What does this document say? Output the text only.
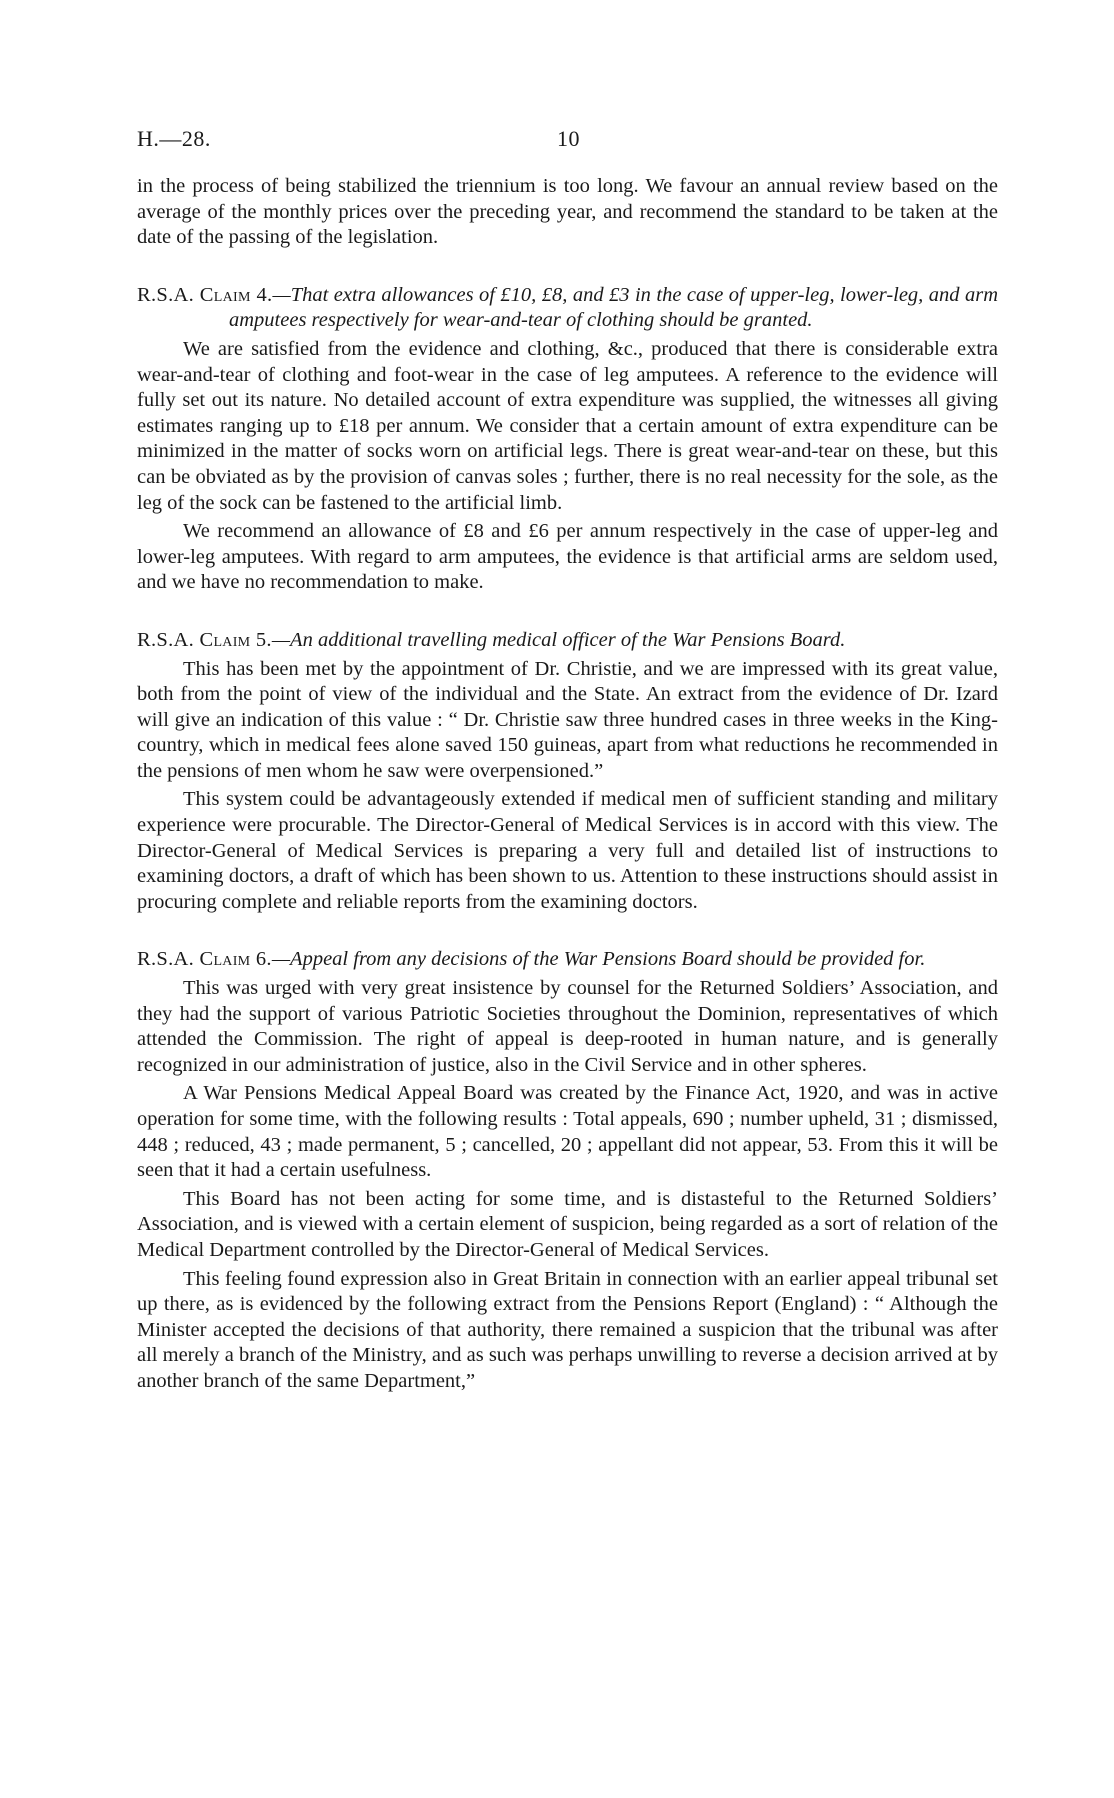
H.—28.	10

in the process of being stabilized the triennium is too long. We favour an annual review based on the average of the monthly prices over the preceding year, and recommend the standard to be taken at the date of the passing of the legislation.

R.S.A. Claim 4.—That extra allowances of £10, £8, and £3 in the case of upper-leg, lower-leg, and arm amputees respectively for wear-and-tear of clothing should be granted.

We are satisfied from the evidence and clothing, &c., produced that there is considerable extra wear-and-tear of clothing and foot-wear in the case of leg amputees. A reference to the evidence will fully set out its nature. No detailed account of extra expenditure was supplied, the witnesses all giving estimates ranging up to £18 per annum. We consider that a certain amount of extra expenditure can be minimized in the matter of socks worn on artificial legs. There is great wear-and-tear on these, but this can be obviated as by the provision of canvas soles ; further, there is no real necessity for the sole, as the leg of the sock can be fastened to the artificial limb.

We recommend an allowance of £8 and £6 per annum respectively in the case of upper-leg and lower-leg amputees. With regard to arm amputees, the evidence is that artificial arms are seldom used, and we have no recommendation to make.

R.S.A. Claim 5.—An additional travelling medical officer of the War Pensions Board.

This has been met by the appointment of Dr. Christie, and we are impressed with its great value, both from the point of view of the individual and the State. An extract from the evidence of Dr. Izard will give an indication of this value : “ Dr. Christie saw three hundred cases in three weeks in the King-country, which in medical fees alone saved 150 guineas, apart from what reductions he recommended in the pensions of men whom he saw were overpensioned.”

This system could be advantageously extended if medical men of sufficient standing and military experience were procurable. The Director-General of Medical Services is in accord with this view. The Director-General of Medical Services is preparing a very full and detailed list of instructions to examining doctors, a draft of which has been shown to us. Attention to these instructions should assist in procuring complete and reliable reports from the examining doctors.

R.S.A. Claim 6.—Appeal from any decisions of the War Pensions Board should be provided for.

This was urged with very great insistence by counsel for the Returned Soldiers’ Association, and they had the support of various Patriotic Societies throughout the Dominion, representatives of which attended the Commission. The right of appeal is deep-rooted in human nature, and is generally recognized in our administration of justice, also in the Civil Service and in other spheres.

A War Pensions Medical Appeal Board was created by the Finance Act, 1920, and was in active operation for some time, with the following results : Total appeals, 690 ; number upheld, 31 ; dismissed, 448 ; reduced, 43 ; made permanent, 5 ; cancelled, 20 ; appellant did not appear, 53. From this it will be seen that it had a certain usefulness.

This Board has not been acting for some time, and is distasteful to the Returned Soldiers’ Association, and is viewed with a certain element of suspicion, being regarded as a sort of relation of the Medical Department controlled by the Director-General of Medical Services.

This feeling found expression also in Great Britain in connection with an earlier appeal tribunal set up there, as is evidenced by the following extract from the Pensions Report (England) : “ Although the Minister accepted the decisions of that authority, there remained a suspicion that the tribunal was after all merely a branch of the Ministry, and as such was perhaps unwilling to reverse a decision arrived at by another branch of the same Department,”
